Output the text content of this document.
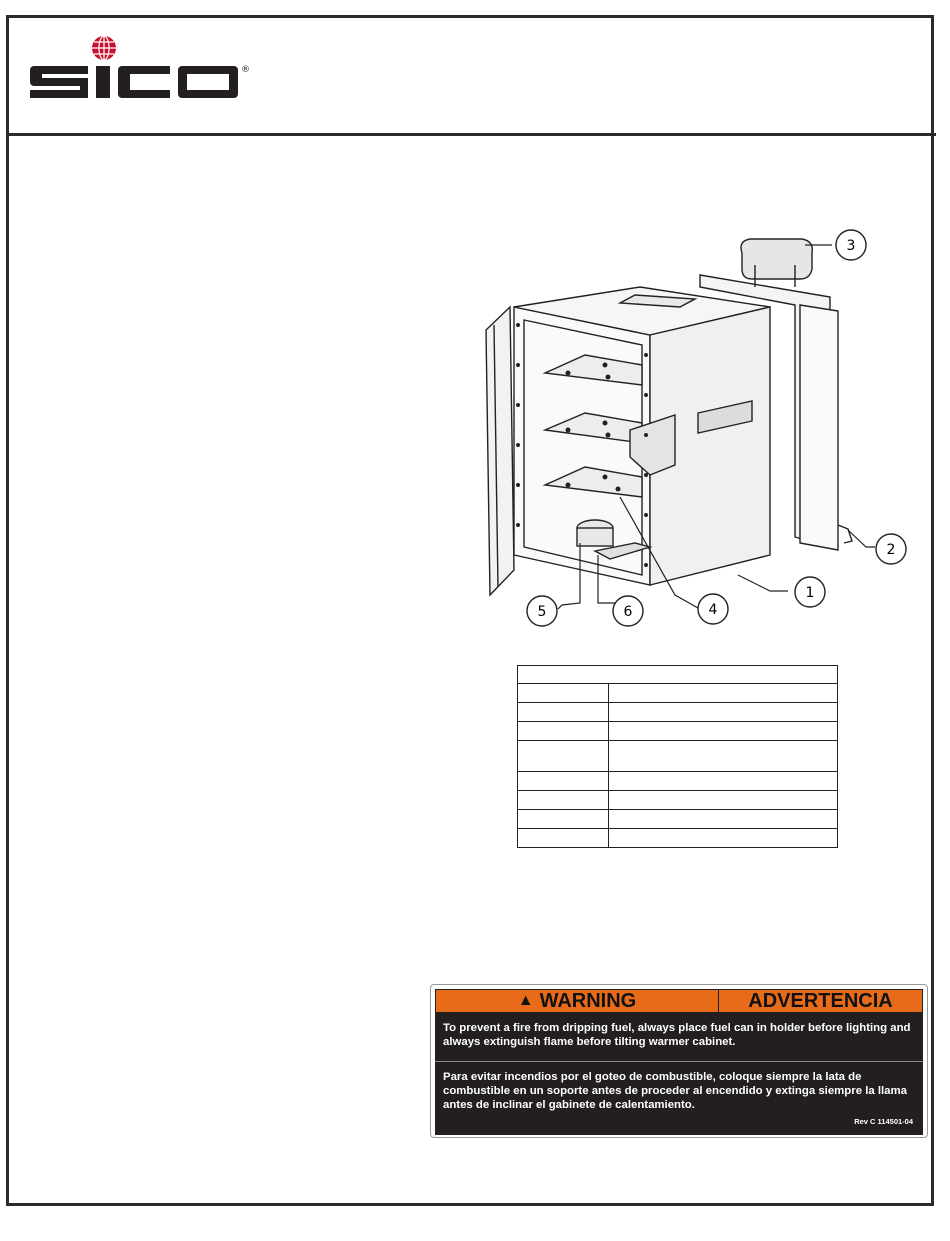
®
3
2
1
4
6
5

▲ WARNING	ADVERTENCIA
To prevent a fire from dripping fuel, always place fuel can in holder before lighting and always extinguish flame before tilting warmer cabinet.
Para evitar incendios por el goteo de combustible, coloque siempre la lata de combustible en un soporte antes de proceder al encendido y extinga siempre la llama antes de inclinar el gabinete de calentamiento.
Rev C 114501-04
